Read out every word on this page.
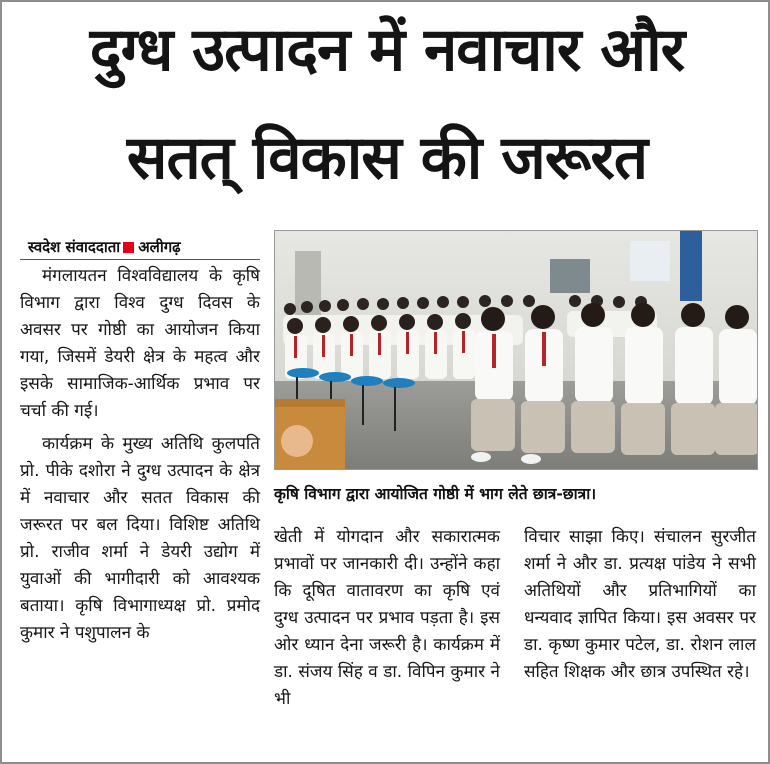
दुग्ध उत्पादन में नवाचार और
सतत् विकास की जरूरत
स्वदेश संवाददाता अलीगढ़

मंगलायतन विश्वविद्यालय के कृषि विभाग द्वारा विश्व दुग्ध दिवस के अवसर पर गोष्ठी का आयोजन किया गया, जिसमें डेयरी क्षेत्र के महत्व और इसके सामाजिक-आर्थिक प्रभाव पर चर्चा की गई।

कार्यक्रम के मुख्य अतिथि कुलपति प्रो. पीके दशोरा ने दुग्ध उत्पादन के क्षेत्र में नवाचार और सतत विकास की जरूरत पर बल दिया। विशिष्ट अतिथि प्रो. राजीव शर्मा ने डेयरी उद्योग में युवाओं की भागीदारी को आवश्यक बताया। कृषि विभागाध्यक्ष प्रो. प्रमोद कुमार ने पशुपालन के

कृषि विभाग द्वारा आयोजित गोष्ठी में भाग लेते छात्र-छात्रा।
खेती में योगदान और सकारात्मक प्रभावों पर जानकारी दी। उन्होंने कहा कि दूषित वातावरण का कृषि एवं दुग्ध उत्पादन पर प्रभाव पड़ता है। इस ओर ध्यान देना जरूरी है। कार्यक्रम में डा. संजय सिंह व डा. विपिन कुमार ने भी
विचार साझा किए। संचालन सुरजीत शर्मा ने और डा. प्रत्यक्ष पांडेय ने सभी अतिथियों और प्रतिभागियों का धन्यवाद ज्ञापित किया। इस अवसर पर डा. कृष्ण कुमार पटेल, डा. रोशन लाल सहित शिक्षक और छात्र उपस्थित रहे।
